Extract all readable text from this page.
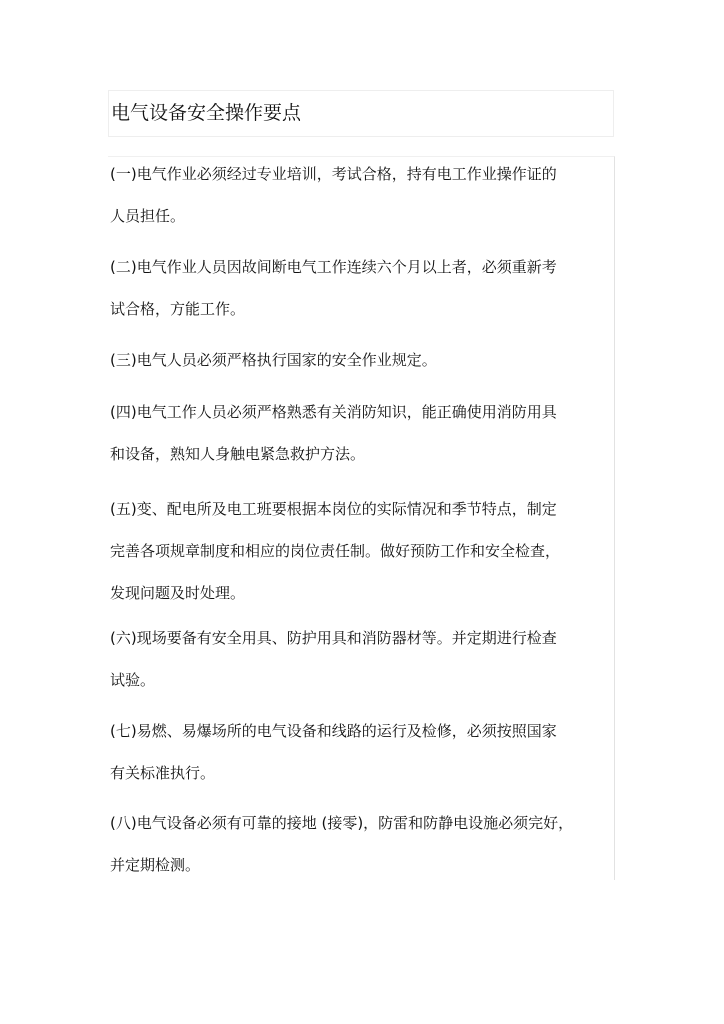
电气设备安全操作要点

(一)电气作业必须经过专业培训，考试合格，持有电工作业操作证的
人员担任。

(二)电气作业人员因故间断电气工作连续六个月以上者，必须重新考
试合格，方能工作。

(三)电气人员必须严格执行国家的安全作业规定。

(四)电气工作人员必须严格熟悉有关消防知识，能正确使用消防用具
和设备，熟知人身触电紧急救护方法。

(五)变、配电所及电工班要根据本岗位的实际情况和季节特点，制定
完善各项规章制度和相应的岗位责任制。做好预防工作和安全检查，
发现问题及时处理。

(六)现场要备有安全用具、防护用具和消防器材等。并定期进行检查
试验。

(七)易燃、易爆场所的电气设备和线路的运行及检修，必须按照国家
有关标准执行。

(八)电气设备必须有可靠的接地 (接零)，防雷和防静电设施必须完好，
并定期检测。
